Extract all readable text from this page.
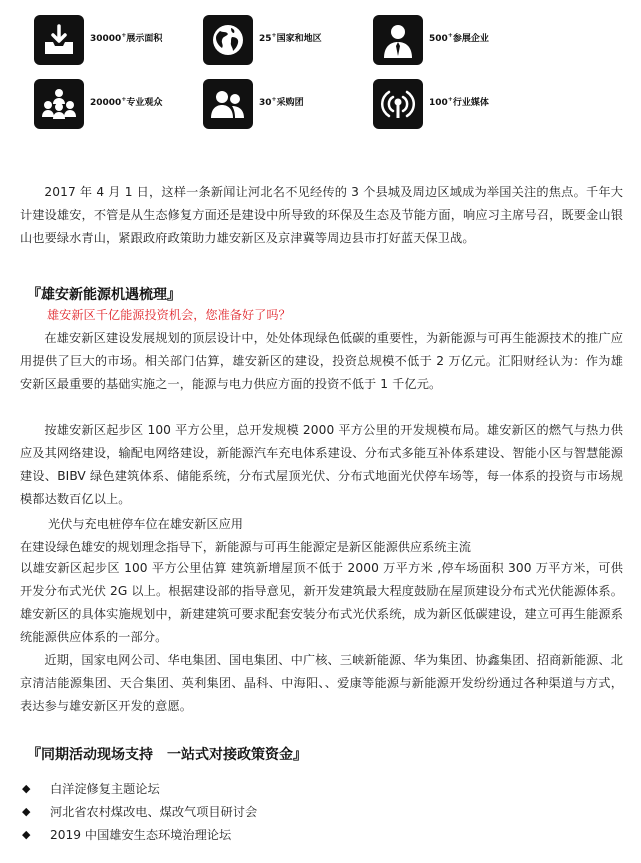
30000+展示面积	25+国家和地区	500+参展企业
20000+专业观众	30+采购团	100+行业媒体

2017 年 4 月 1 日，这样一条新闻让河北名不见经传的 3 个县城及周边区域成为举国关注的焦点。千年大计建设雄安，不管是从生态修复方面还是建设中所导致的环保及生态及节能方面，响应习主席号召，既要金山银山也要绿水青山，紧跟政府政策助力雄安新区及京津冀等周边县市打好蓝天保卫战。

『雄安新能源机遇梳理』
雄安新区千亿能源投资机会，您准备好了吗？

在雄安新区建设发展规划的顶层设计中，处处体现绿色低碳的重要性，为新能源与可再生能源技术的推广应用提供了巨大的市场。相关部门估算，雄安新区的建设，投资总规模不低于 2 万亿元。汇阳财经认为：作为雄安新区最重要的基础实施之一，能源与电力供应方面的投资不低于 1 千亿元。

按雄安新区起步区 100 平方公里，总开发规模 2000 平方公里的开发规模布局。雄安新区的燃气与热力供应及其网络建设，输配电网络建设，新能源汽车充电体系建设、分布式多能互补体系建设、智能小区与智慧能源建设、BIBV 绿色建筑体系、储能系统，分布式屋顶光伏、分布式地面光伏停车场等，每一体系的投资与市场规模都达数百亿以上。

光伏与充电桩停车位在雄安新区应用
在建设绿色雄安的规划理念指导下，新能源与可再生能源定是新区能源供应系统主流

以雄安新区起步区 100 平方公里估算 建筑新增屋顶不低于 2000 万平方米 ,停车场面积 300 万平方米，可供开发分布式光伏 2G 以上。根据建设部的指导意见，新开发建筑最大程度鼓励在屋顶建设分布式光伏能源体系。雄安新区的具体实施规划中，新建建筑可要求配套安装分布式光伏系统，成为新区低碳建设，建立可再生能源系统能源供应体系的一部分。

近期，国家电网公司、华电集团、国电集团、中广核、三峡新能源、华为集团、协鑫集团、招商新能源、北京清洁能源集团、天合集团、英利集团、晶科、中海阳、、爱康等能源与新能源开发纷纷通过各种渠道与方式，表达参与雄安新区开发的意愿。

『同期活动现场支持　一站式对接政策资金』
◆ 白洋淀修复主题论坛
◆ 河北省农村煤改电、煤改气项目研讨会
◆ 2019 中国雄安生态环境治理论坛
